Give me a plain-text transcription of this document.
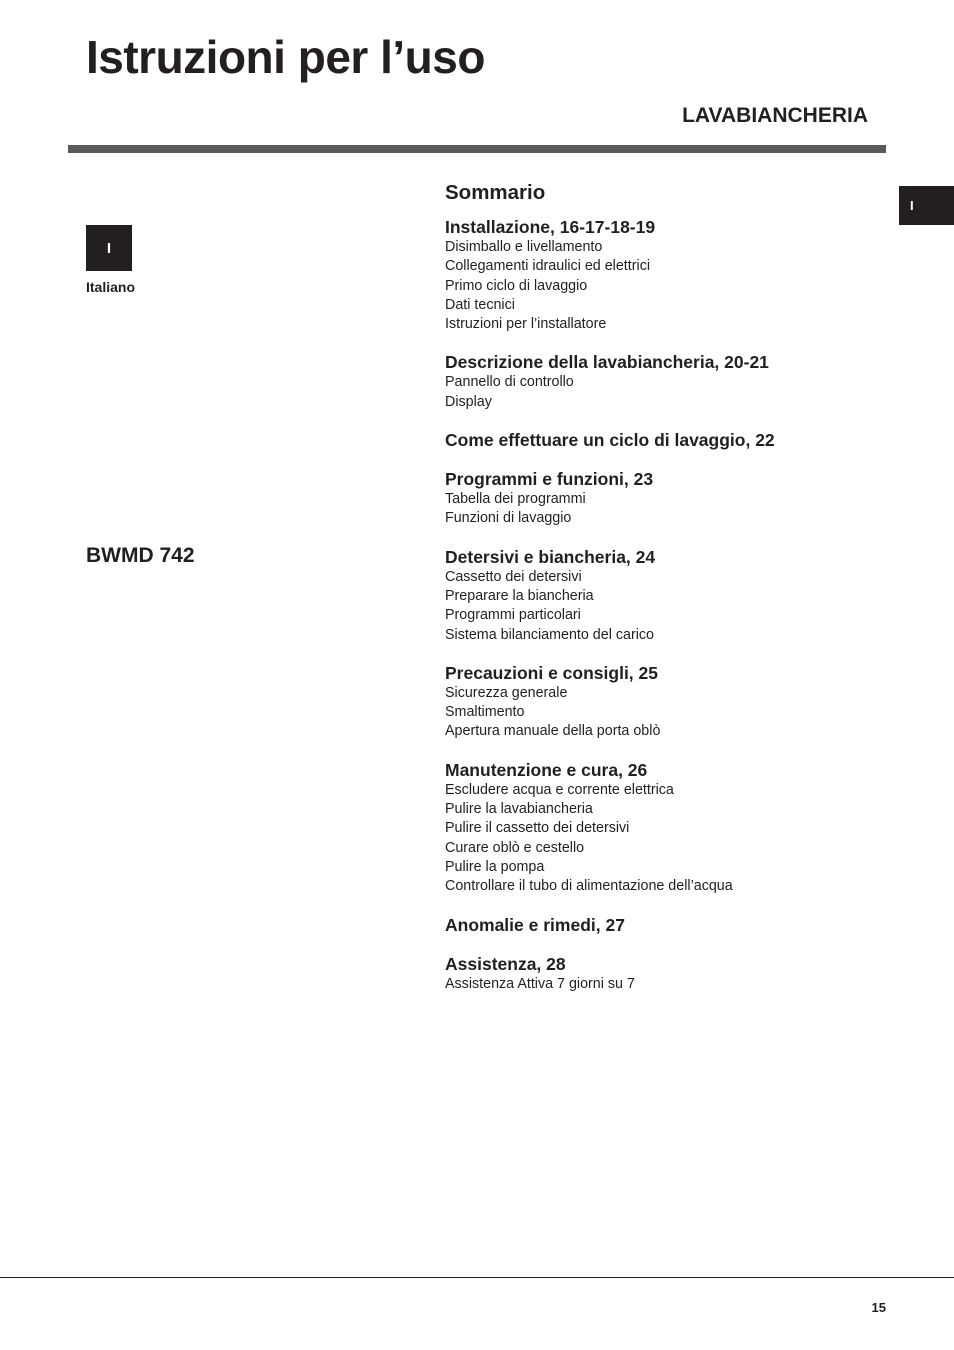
Istruzioni per l’uso
LAVABIANCHERIA
I
I
Italiano
BWMD 742
Sommario
Installazione, 16-17-18-19
Disimballo e livellamento
Collegamenti idraulici ed elettrici
Primo ciclo di lavaggio
Dati tecnici
Istruzioni per l’installatore
Descrizione della lavabiancheria, 20-21
Pannello di controllo
Display
Come effettuare un ciclo di lavaggio, 22
Programmi e funzioni, 23
Tabella dei programmi
Funzioni di lavaggio
Detersivi e biancheria, 24
Cassetto dei detersivi
Preparare la biancheria
Programmi particolari
Sistema bilanciamento del carico
Precauzioni e consigli, 25
Sicurezza generale
Smaltimento
Apertura manuale della porta oblò
Manutenzione e cura, 26
Escludere acqua e corrente elettrica
Pulire la lavabiancheria
Pulire il cassetto dei detersivi
Curare oblò e cestello
Pulire la pompa
Controllare il tubo di alimentazione dell’acqua
Anomalie e rimedi, 27
Assistenza, 28
Assistenza Attiva 7 giorni su 7
15
